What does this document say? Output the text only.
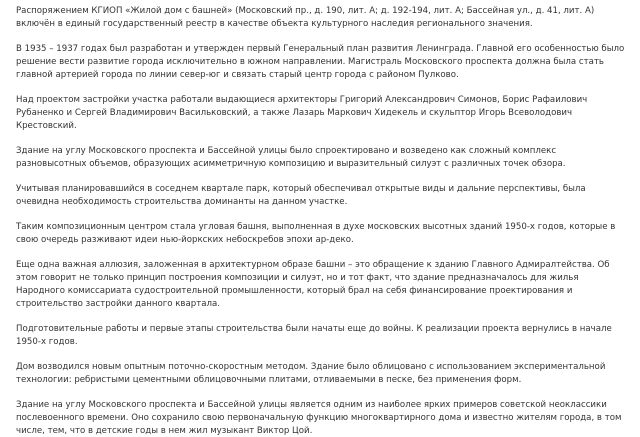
Распоряжением КГИОП «Жилой дом с башней» (Московский пр., д. 190, лит. А; д. 192-194, лит. А; Бассейная ул., д. 41, лит. А) включён в единый государственный реестр в качестве объекта культурного наследия регионального значения.

В 1935 – 1937 годах был разработан и утвержден первый Генеральный план развития Ленинграда. Главной его особенностью было решение вести развитие города исключительно в южном направлении. Магистраль Московского проспекта должна была стать главной артерией города по линии север-юг и связать старый центр города с районом Пулково.

Над проектом застройки участка работали выдающиеся архитекторы Григорий Александрович Симонов, Борис Рафаилович Рубаненко и Сергей Владимирович Васильковский, а также Лазарь Маркович Хидекель и скульптор Игорь Всеволодович Крестовский.

Здание на углу Московского проспекта и Бассейной улицы было спроектировано и возведено как сложный комплекс разновысотных объемов, образующих асимметричную композицию и выразительный силуэт с различных точек обзора.

Учитывая планировавшийся в соседнем квартале парк, который обеспечивал открытые виды и дальние перспективы, была очевидна необходимость строительства доминанты на данном участке.

Таким композиционным центром стала угловая башня, выполненная в духе московских высотных зданий 1950-х годов, которые в свою очередь разживают идеи нью-йоркских небоскребов эпохи ар-деко.

Еще одна важная аллюзия, заложенная в архитектурном образе башни – это обращение к зданию Главного Адмиралтейства. Об этом говорит не только принцип построения композиции и силуэт, но и тот факт, что здание предназначалось для жилья Народного комиссариата судостроительной промышленности, который брал на себя финансирование проектирования и строительство застройки данного квартала.

Подготовительные работы и первые этапы строительства были начаты еще до войны. К реализации проекта вернулись в начале 1950-х годов.

Дом возводился новым опытным поточно-скоростным методом. Здание было облицовано с использованием экспериментальной технологии: ребристыми цементными облицовочными плитами, отливаемыми в песке, без применения форм.

Здание на углу Московского проспекта и Бассейной улицы является одним из наиболее ярких примеров советской неоклассики послевоенного времени. Оно сохранило свою первоначальную функцию многоквартирного дома и известно жителям города, в том числе, тем, что в детские годы в нем жил музыкант Виктор Цой.
